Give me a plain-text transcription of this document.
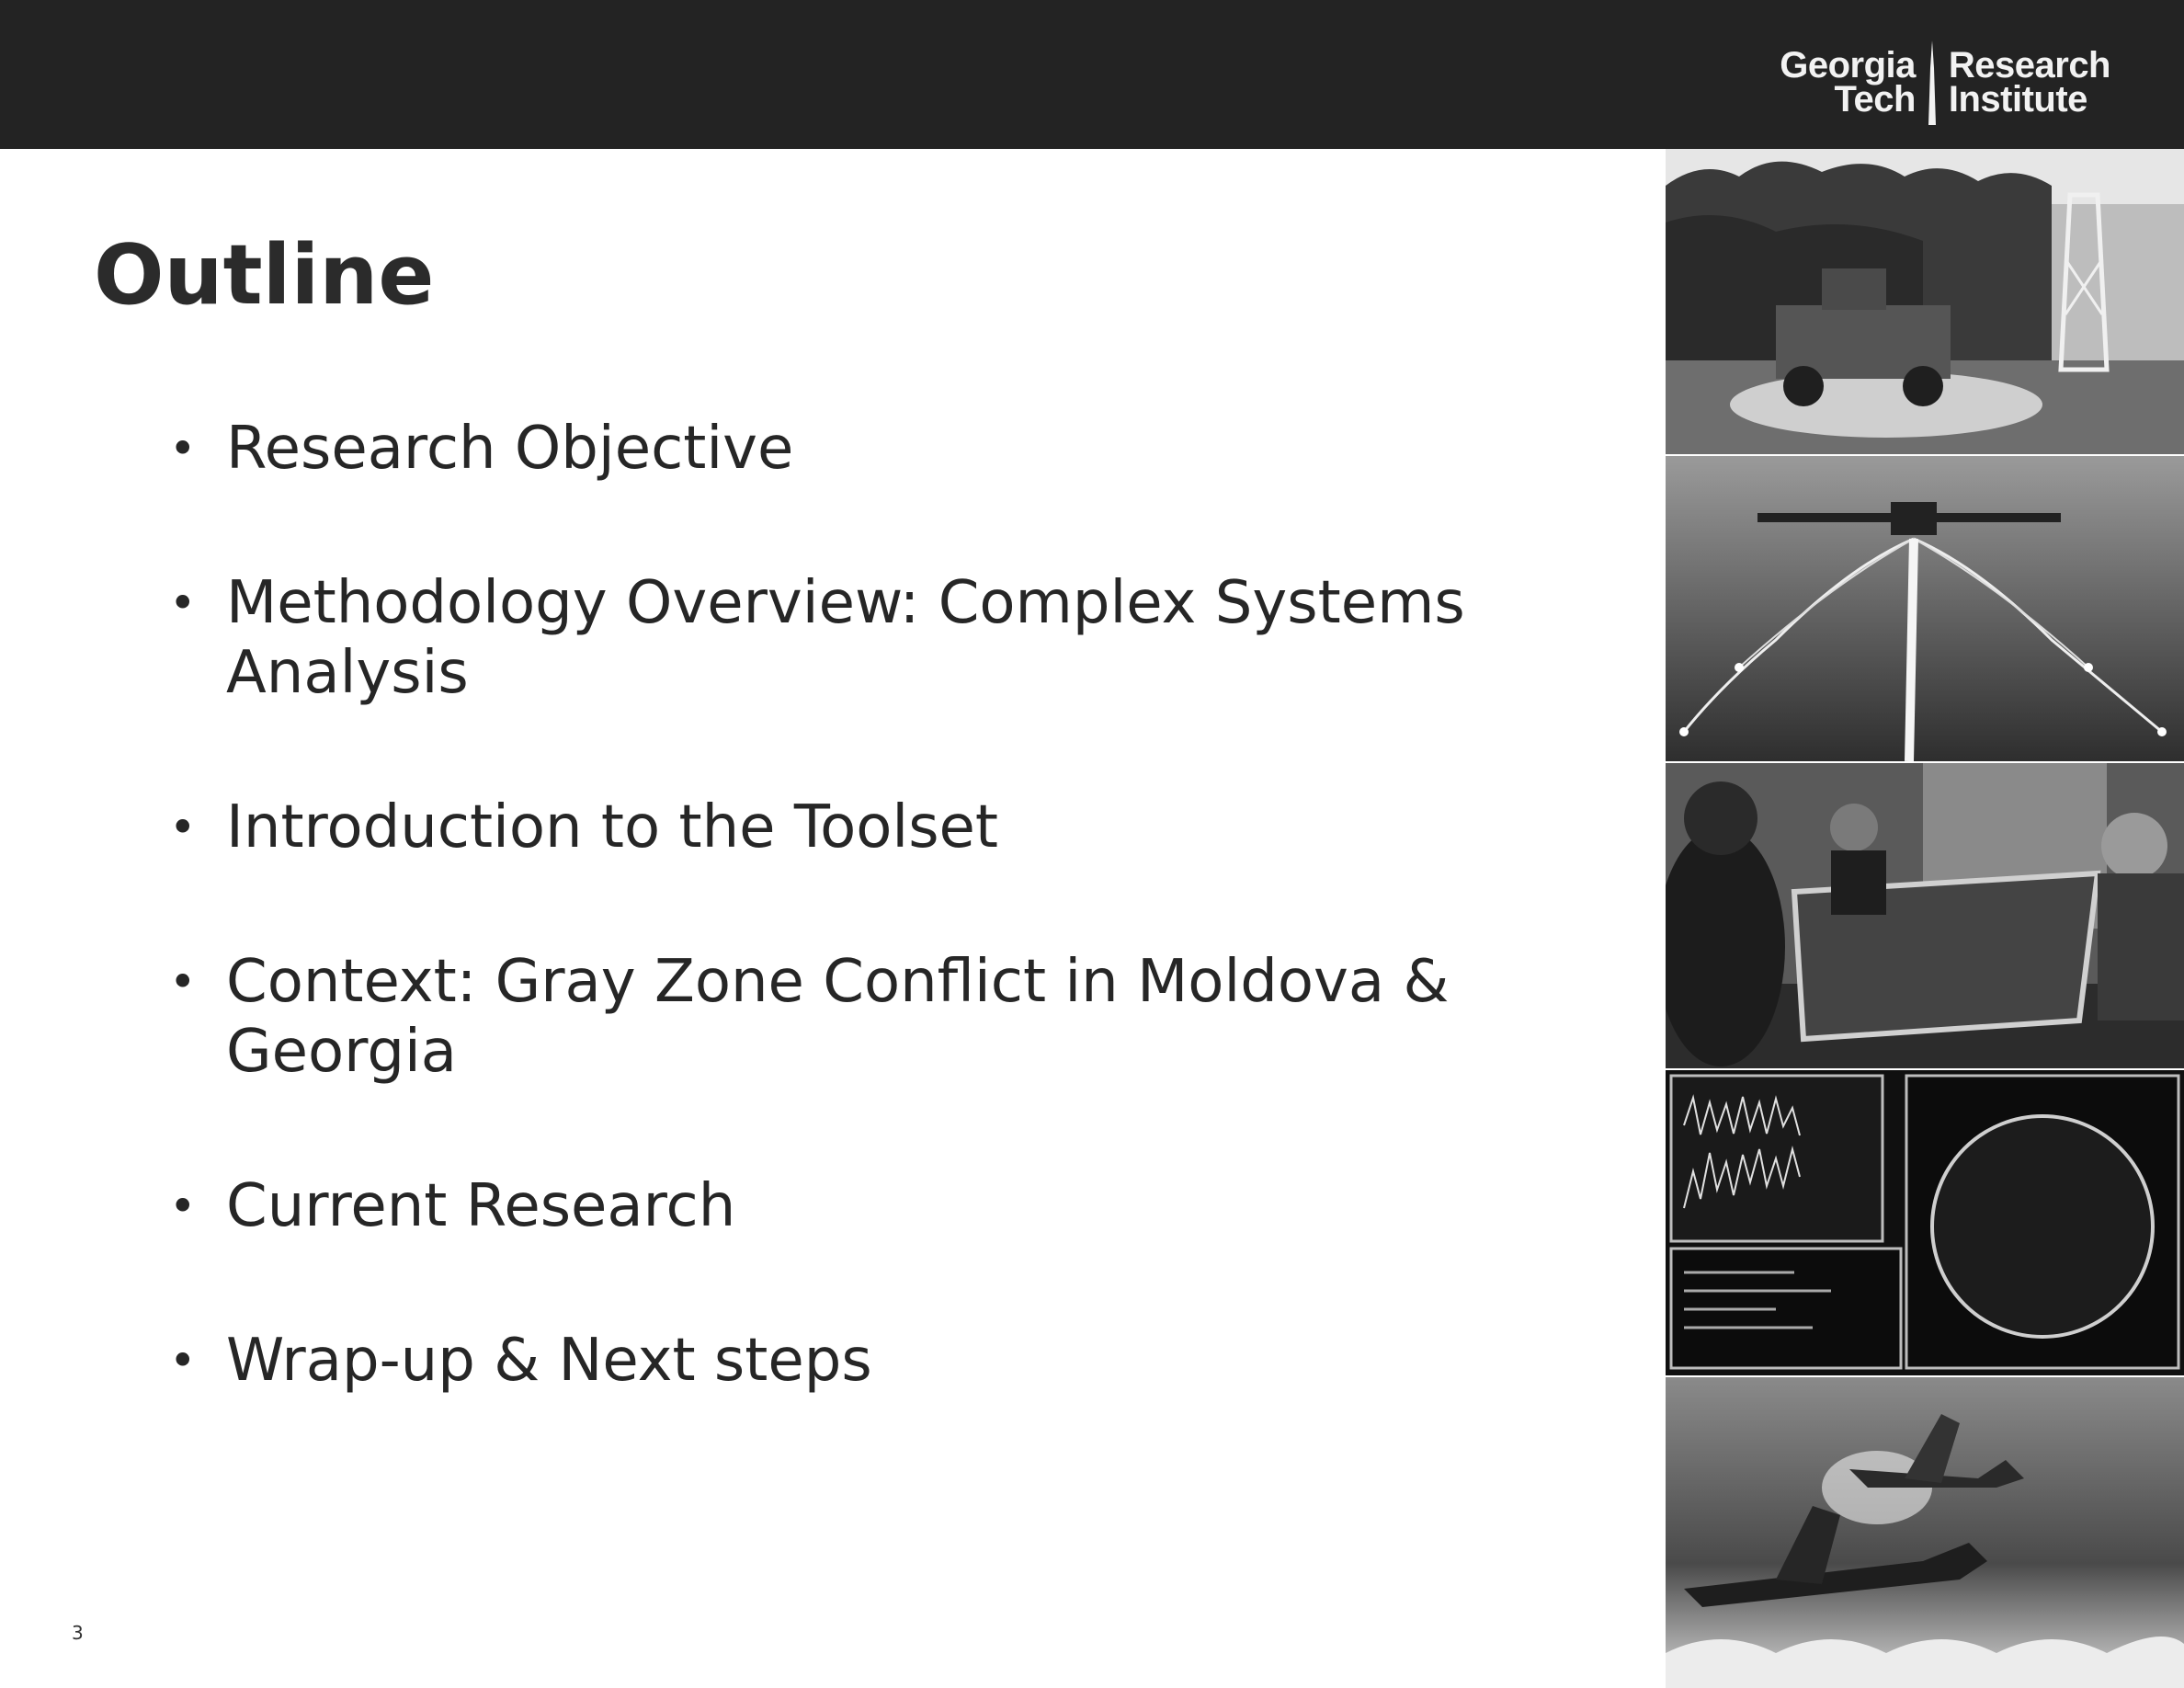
Georgia
Tech
Research
Institute
Outline
• Research Objective
• Methodology Overview: Complex Systems Analysis
• Introduction to the Toolset
• Context: Gray Zone Conflict in Moldova & Georgia
• Current Research
• Wrap-up & Next steps
3
